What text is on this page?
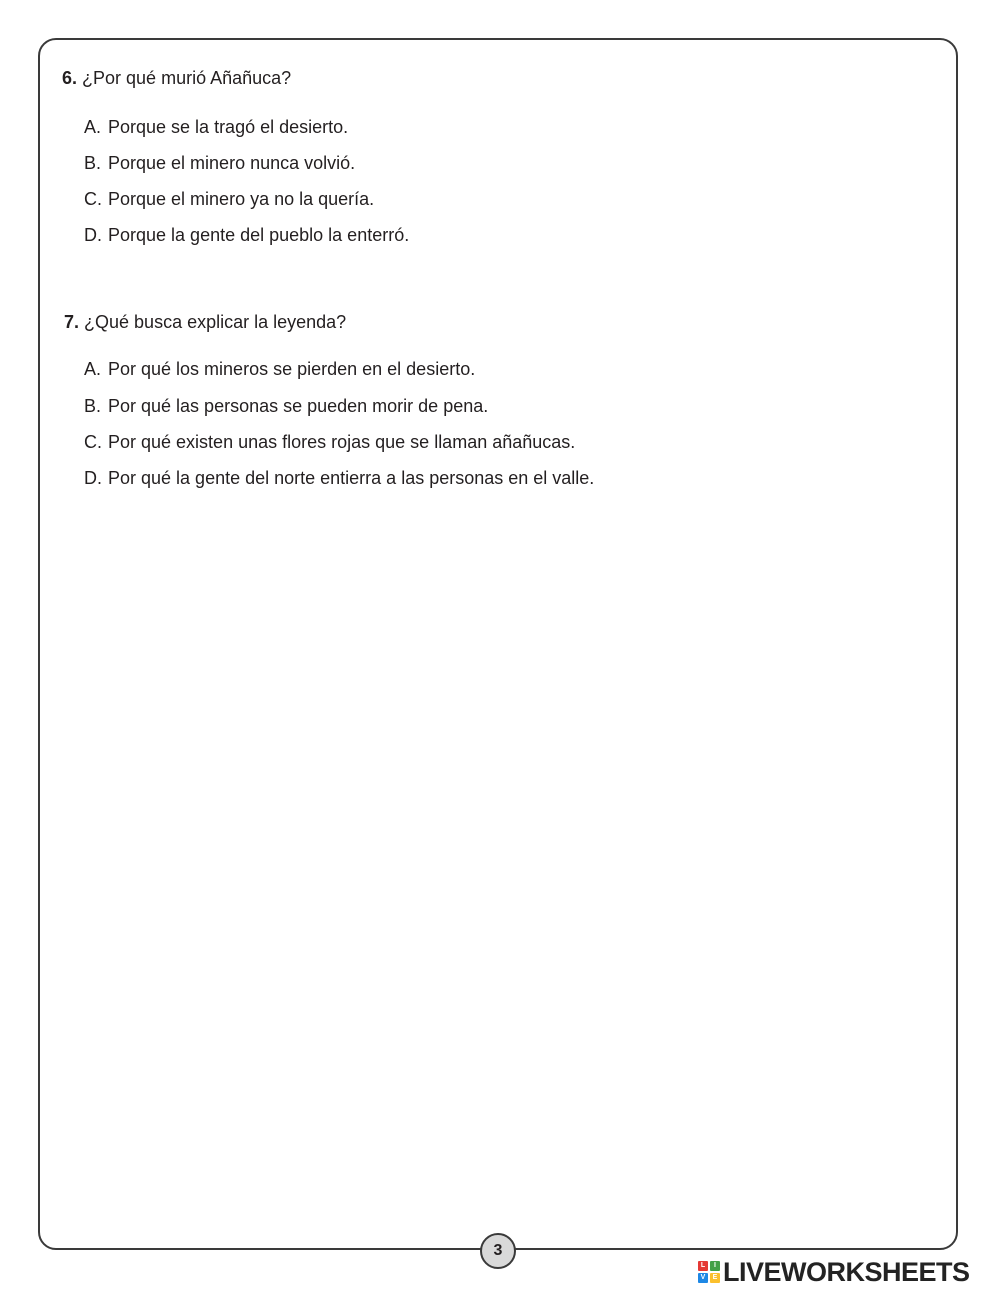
6. ¿Por qué murió Añañuca?
A. Porque se la tragó el desierto.
B. Porque el minero nunca volvió.
C. Porque el minero ya no la quería.
D. Porque la gente del pueblo la enterró.
7. ¿Qué busca explicar la leyenda?
A. Por qué los mineros se pierden en el desierto.
B. Por qué las personas se pueden morir de pena.
C. Por qué existen unas flores rojas que se llaman añañucas.
D. Por qué la gente del norte entierra a las personas en el valle.
3
L	I
V	E LIVEWORKSHEETS
